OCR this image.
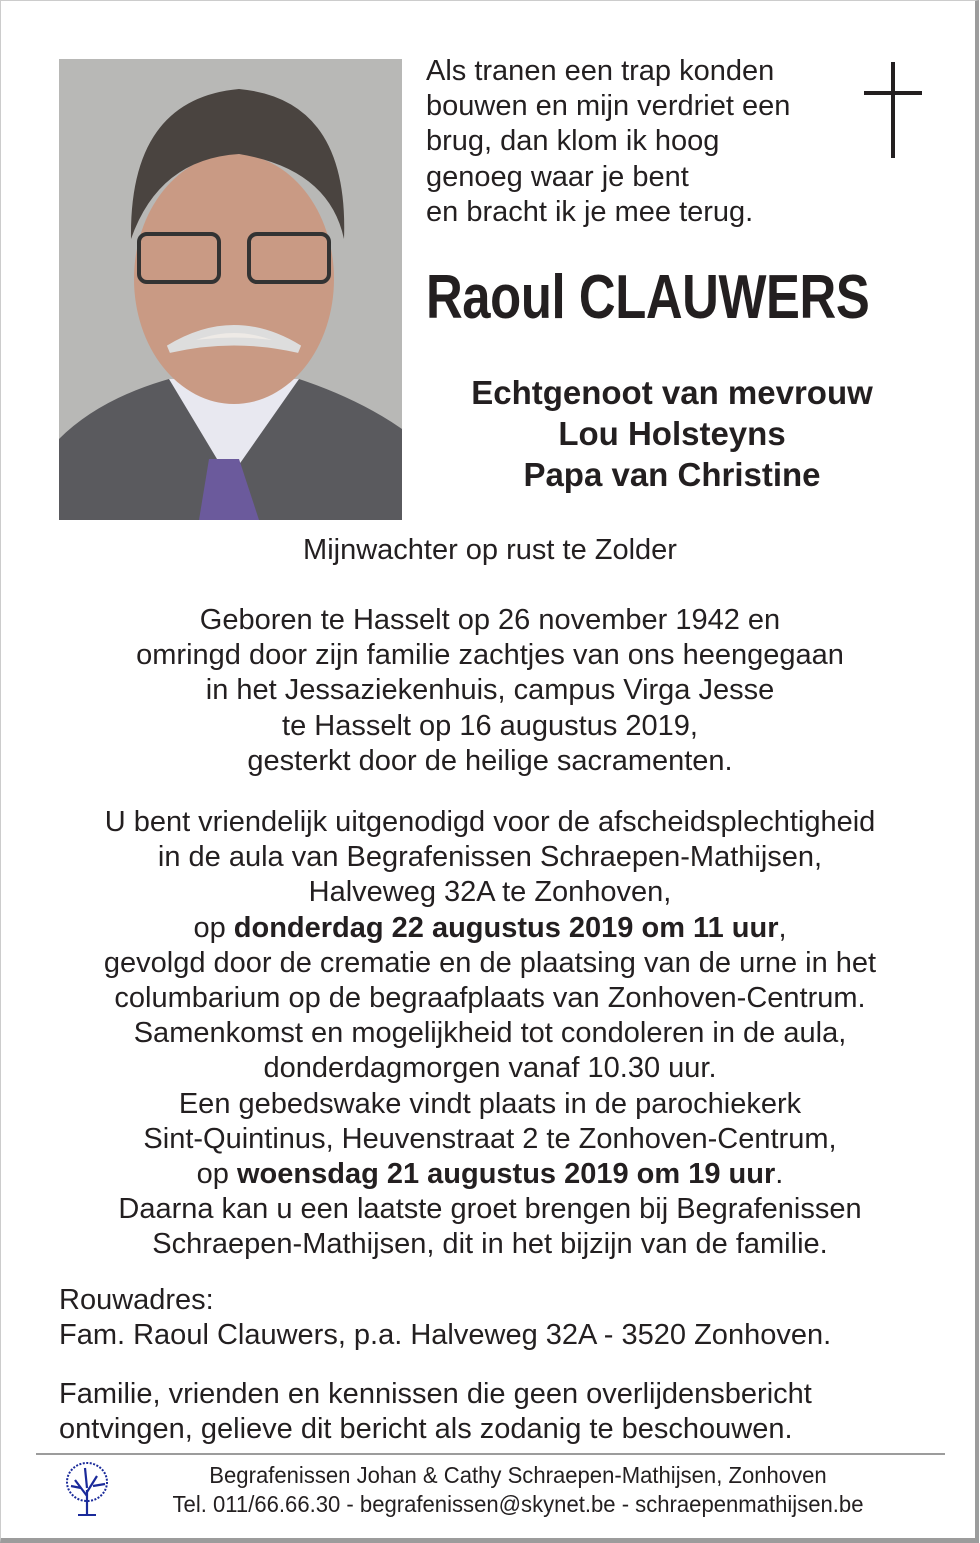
Als tranen een trap konden

bouwen en mijn verdriet een

brug, dan klom ik hoog

genoeg waar je bent

en bracht ik je mee terug.

Raoul CLAUWERS

Echtgenoot van mevrouw

Lou Holsteyns

Papa van Christine

Mijnwachter op rust te Zolder

Geboren te Hasselt op 26 november 1942 en

omringd door zijn familie zachtjes van ons heengegaan

in het Jessaziekenhuis, campus Virga Jesse

te Hasselt op 16 augustus 2019,

gesterkt door de heilige sacramenten.

U bent vriendelijk uitgenodigd voor de afscheidsplechtigheid

in de aula van Begrafenissen Schraepen-Mathijsen,

Halveweg 32A te Zonhoven,

op donderdag 22 augustus 2019 om 11 uur,

gevolgd door de crematie en de plaatsing van de urne in het

columbarium op de begraafplaats van Zonhoven-Centrum.

Samenkomst en mogelijkheid tot condoleren in de aula,

donderdagmorgen vanaf 10.30 uur.

Een gebedswake vindt plaats in de parochiekerk

Sint-Quintinus, Heuvenstraat 2 te Zonhoven-Centrum,

op woensdag 21 augustus 2019 om 19 uur.

Daarna kan u een laatste groet brengen bij Begrafenissen

Schraepen-Mathijsen, dit in het bijzijn van de familie.

Rouwadres:

Fam. Raoul Clauwers, p.a. Halveweg 32A - 3520 Zonhoven.

Familie, vrienden en kennissen die geen overlijdensbericht

ontvingen, gelieve dit bericht als zodanig te beschouwen.

Begrafenissen Johan & Cathy Schraepen-Mathijsen, Zonhoven

Tel. 011/66.66.30 - begrafenissen@skynet.be - schraepenmathijsen.be
